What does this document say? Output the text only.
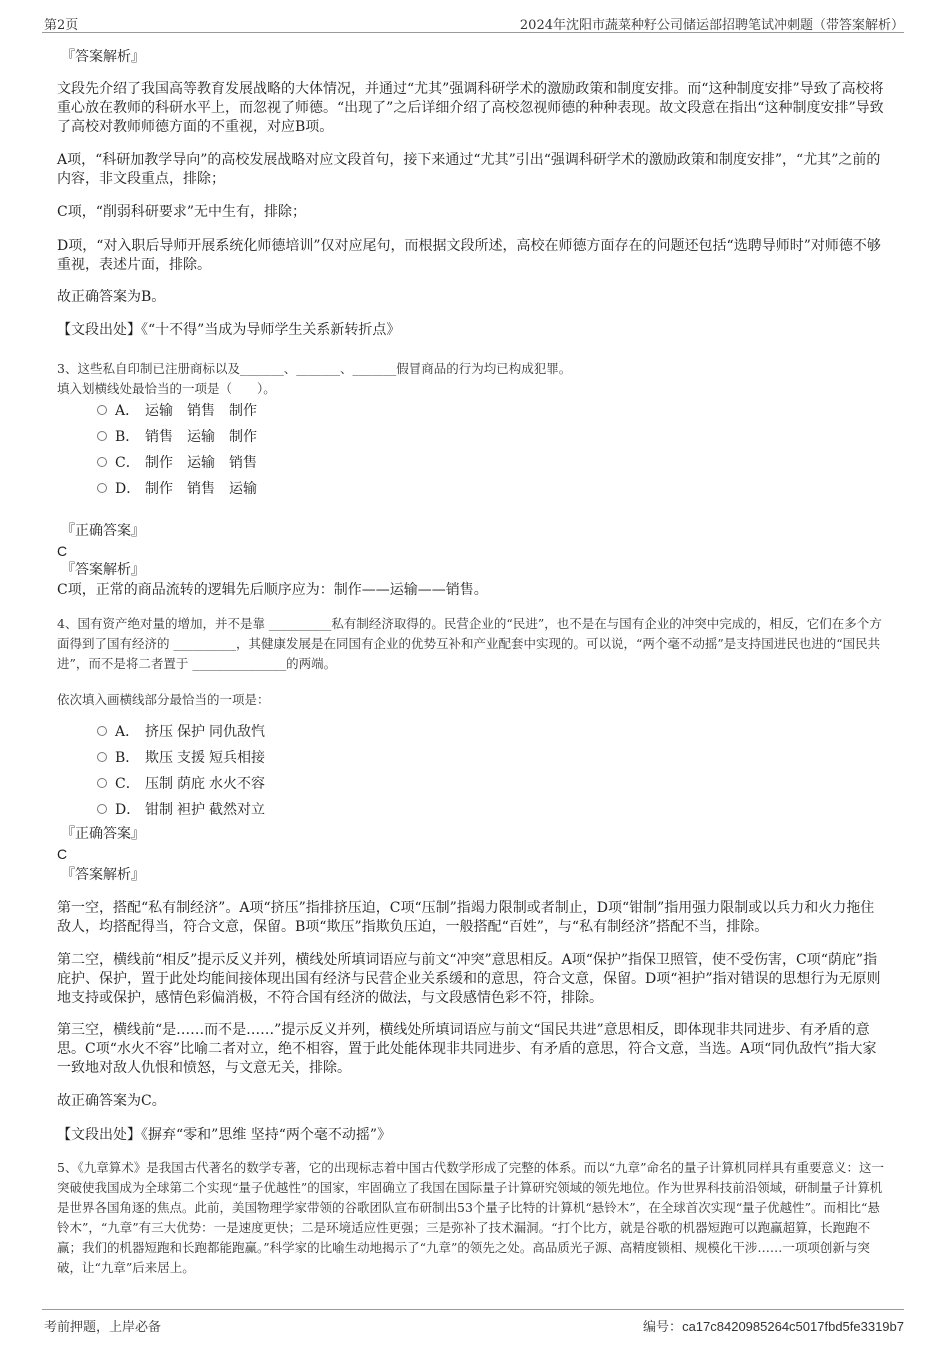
第2页	2024年沈阳市蔬菜种籽公司储运部招聘笔试冲刺题（带答案解析）

『答案解析』

文段先介绍了我国高等教育发展战略的大体情况，并通过“尤其”强调科研学术的激励政策和制度安排。而“这种制度安排”导致了高校将重心放在教师的科研水平上，而忽视了师德。“出现了”之后详细介绍了高校忽视师德的种种表现。故文段意在指出“这种制度安排”导致了高校对教师师德方面的不重视，对应B项。

A项，“科研加教学导向”的高校发展战略对应文段首句，接下来通过“尤其”引出“强调科研学术的激励政策和制度安排”，“尤其”之前的内容，非文段重点，排除；

C项，“削弱科研要求”无中生有，排除；

D项，“对入职后导师开展系统化师德培训”仅对应尾句，而根据文段所述，高校在师德方面存在的问题还包括“选聘导师时”对师德不够重视，表述片面，排除。

故正确答案为B。

【文段出处】《“十不得”当成为导师学生关系新转折点》

3、这些私自印制已注册商标以及_______、_______、_______假冒商品的行为均已构成犯罪。

填入划横线处最恰当的一项是（　　）。

A． 运输 销售 制作
B． 销售 运输 制作
C． 制作 运输 销售
D． 制作 销售 运输

『正确答案』

C

『答案解析』

C项，正常的商品流转的逻辑先后顺序应为：制作——运输——销售。

4、国有资产绝对量的增加，并不是靠 __________私有制经济取得的。民营企业的“民进”，也不是在与国有企业的冲突中完成的，相反，它们在多个方面得到了国有经济的 __________，其健康发展是在同国有企业的优势互补和产业配套中实现的。可以说，“两个毫不动摇”是支持国进民也进的“国民共进”，而不是将二者置于 _______________的两端。

依次填入画横线部分最恰当的一项是：

A． 挤压 保护 同仇敌忾
B． 欺压 支援 短兵相接
C． 压制 荫庇 水火不容
D． 钳制 袒护 截然对立

『正确答案』

C

『答案解析』

第一空，搭配“私有制经济”。A项“挤压”指排挤压迫，C项“压制”指竭力限制或者制止，D项“钳制”指用强力限制或以兵力和火力拖住敌人，均搭配得当，符合文意，保留。B项“欺压”指欺负压迫，一般搭配“百姓”，与“私有制经济”搭配不当，排除。

第二空，横线前“相反”提示反义并列，横线处所填词语应与前文“冲突”意思相反。A项“保护”指保卫照管，使不受伤害，C项“荫庇”指庇护、保护，置于此处均能间接体现出国有经济与民营企业关系缓和的意思，符合文意，保留。D项“袒护”指对错误的思想行为无原则地支持或保护，感情色彩偏消极，不符合国有经济的做法，与文段感情色彩不符，排除。

第三空，横线前“是……而不是……”提示反义并列，横线处所填词语应与前文“国民共进”意思相反，即体现非共同进步、有矛盾的意思。C项“水火不容”比喻二者对立，绝不相容，置于此处能体现非共同进步、有矛盾的意思，符合文意，当选。A项“同仇敌忾”指大家一致地对敌人仇恨和愤怒，与文意无关，排除。

故正确答案为C。

【文段出处】《摒弃“零和”思维 坚持“两个毫不动摇”》

5、《九章算术》是我国古代著名的数学专著，它的出现标志着中国古代数学形成了完整的体系。而以“九章”命名的量子计算机同样具有重要意义：这一突破使我国成为全球第二个实现“量子优越性”的国家，牢固确立了我国在国际量子计算研究领域的领先地位。作为世界科技前沿领域，研制量子计算机是世界各国角逐的焦点。此前，美国物理学家带领的谷歌团队宣布研制出53个量子比特的计算机“悬铃木”，在全球首次实现“量子优越性”。而相比“悬铃木”，“九章”有三大优势：一是速度更快；二是环境适应性更强；三是弥补了技术漏洞。“打个比方，就是谷歌的机器短跑可以跑赢超算，长跑跑不赢；我们的机器短跑和长跑都能跑赢。”科学家的比喻生动地揭示了“九章”的领先之处。高品质光子源、高精度锁相、规模化干涉……一项项创新与突破，让“九章”后来居上。

考前押题，上岸必备	编号：ca17c8420985264c5017fbd5fe3319b7
